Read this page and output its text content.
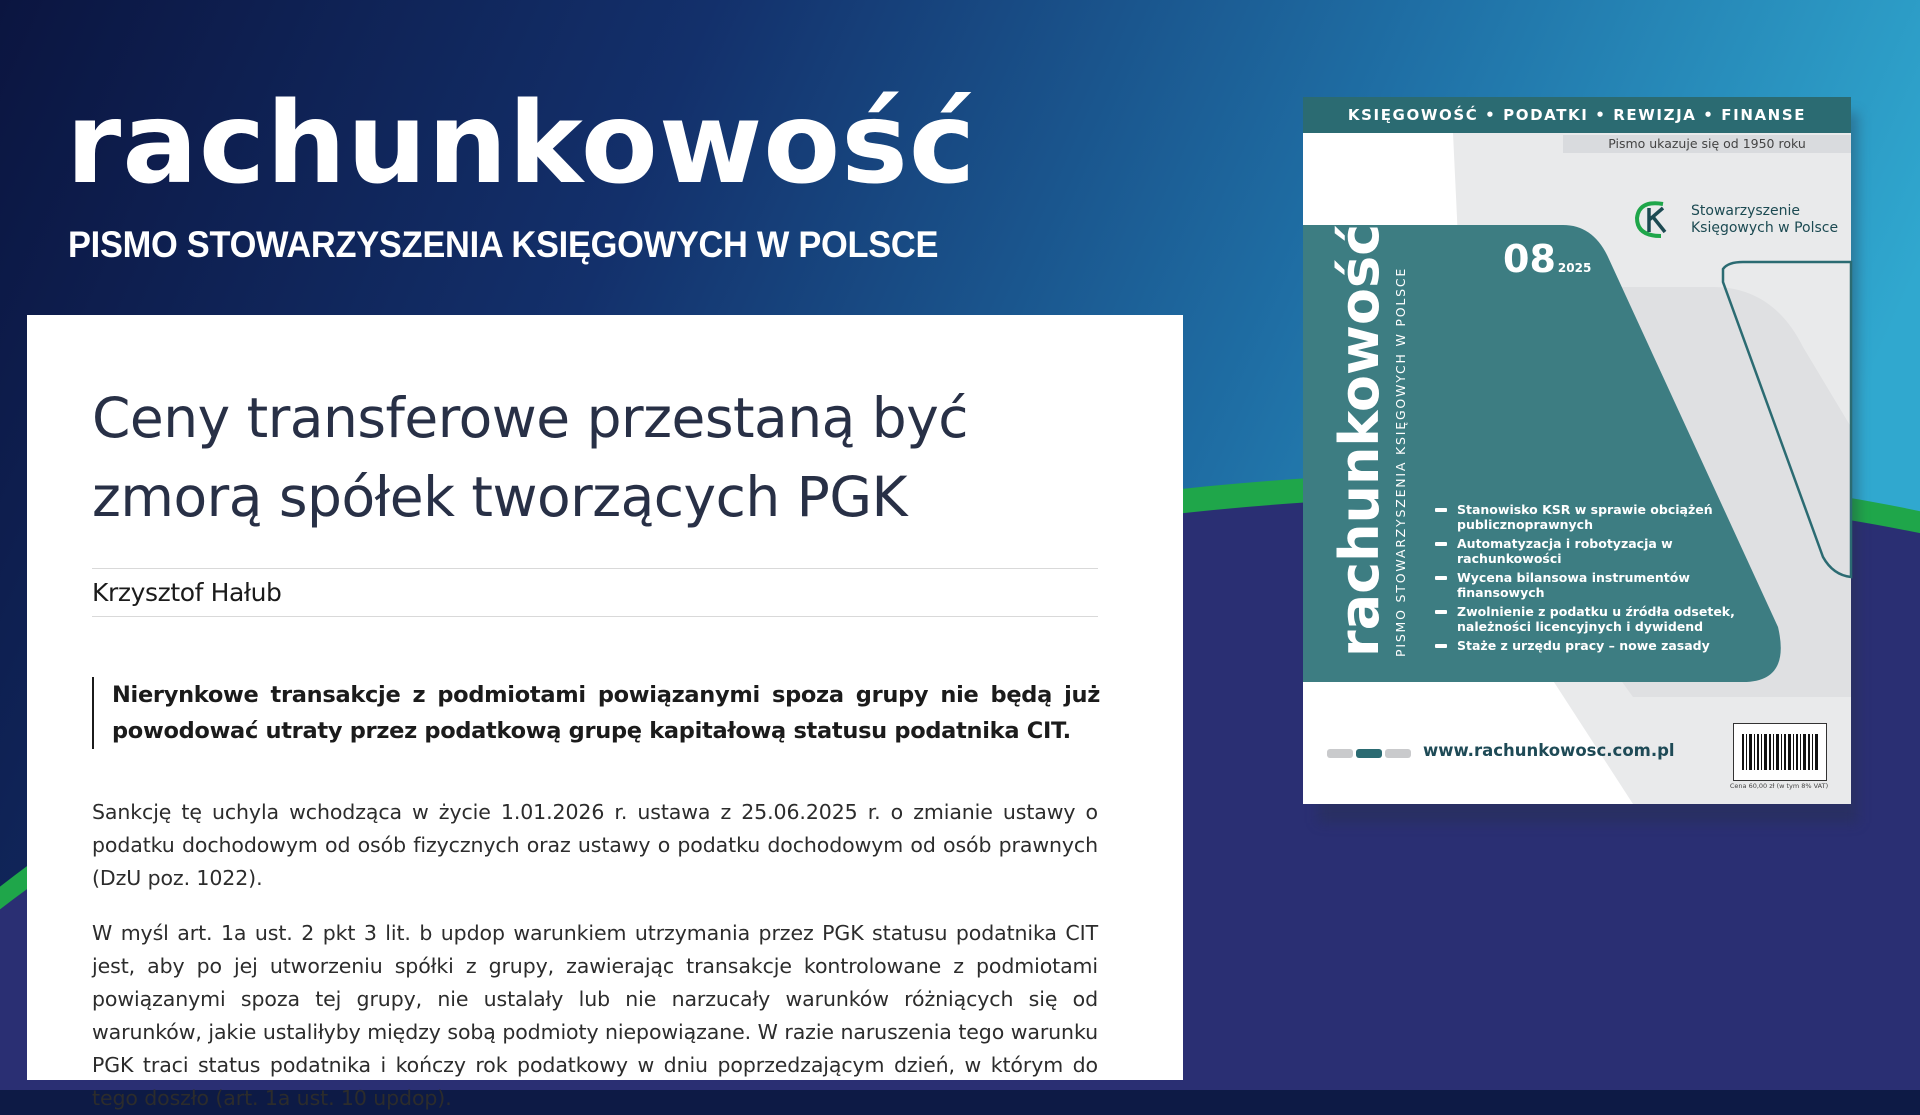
rachunkowość

PISMO STOWARZYSZENIA KSIĘGOWYCH W POLSCE

Ceny transferowe przestaną być zmorą spółek tworzących PGK
Krzysztof Hałub

Nierynkowe transakcje z podmiotami powiązanymi spoza grupy nie będą już powodować utraty przez podatkową grupę kapitałową statusu podatnika CIT.

Sankcję tę uchyla wchodząca w życie 1.01.2026 r. ustawa z 25.06.2025 r. o zmianie ustawy o podatku dochodowym od osób fizycznych oraz ustawy o podatku dochodowym od osób prawnych (DzU poz. 1022).

W myśl art. 1a ust. 2 pkt 3 lit. b updop warunkiem utrzymania przez PGK statusu podatnika CIT jest, aby po jej utworzeniu spółki z grupy, zawierając transakcje kontrolowane z podmiotami powiązanymi spoza tej grupy, nie ustalały lub nie narzucały warunków różniących się od warunków, jakie ustaliłyby między sobą podmioty niepowiązane. W razie naruszenia tego warunku PGK traci status podatnika i kończy rok podatkowy w dniu poprzedzającym dzień, w którym do tego doszło (art. 1a ust. 10 updop).

KSIĘGOWOŚĆ • PODATKI • REWIZJA • FINANSE
Pismo ukazuje się od 1950 roku

Stowarzyszenie Księgowych w Polsce

08 2025
rachunkowość PISMO STOWARZYSZENIA KSIĘGOWYCH W POLSCE	Stanowisko KSR w sprawie obciążeń publicznoprawnych
Automatyzacja i robotyzacja w rachunkowości
Wycena bilansowa instrumentów finansowych
Zwolnienie z podatku u źródła odsetek, należności licencyjnych i dywidend
Staże z urzędu pracy – nowe zasady
www.rachunkowosc.com.pl
Cena 60,00 zł (w tym 8% VAT)
